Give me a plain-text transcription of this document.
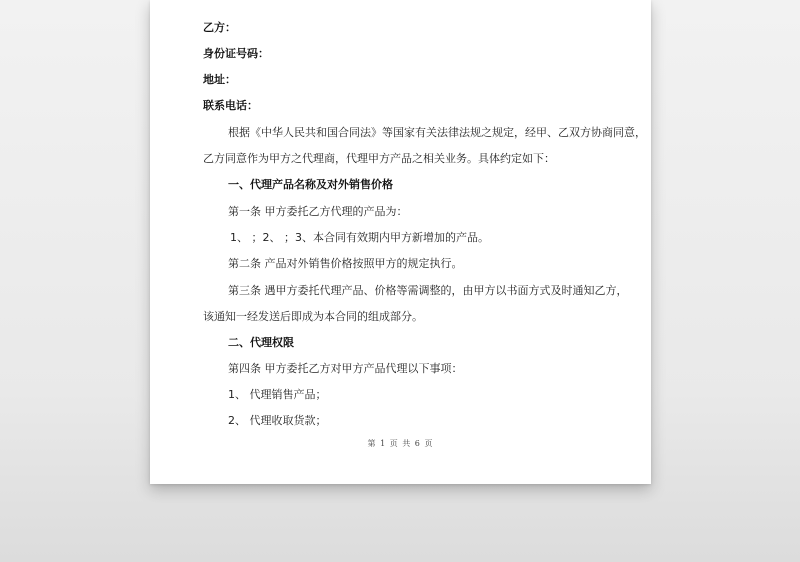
乙方：
身份证号码：
地址：
联系电话：
根据《中华人民共和国合同法》等国家有关法律法规之规定，经甲、乙双方协商同意，
乙方同意作为甲方之代理商，代理甲方产品之相关业务。具体约定如下：
一、代理产品名称及对外销售价格
第一条 甲方委托乙方代理的产品为：
1、 ；2、 ；3、本合同有效期内甲方新增加的产品。
第二条 产品对外销售价格按照甲方的规定执行。
第三条 遇甲方委托代理产品、价格等需调整的，由甲方以书面方式及时通知乙方，
该通知一经发送后即成为本合同的组成部分。
二、代理权限
第四条 甲方委托乙方对甲方产品代理以下事项：
1、 代理销售产品；
2、 代理收取货款；
第 1 页 共 6 页
